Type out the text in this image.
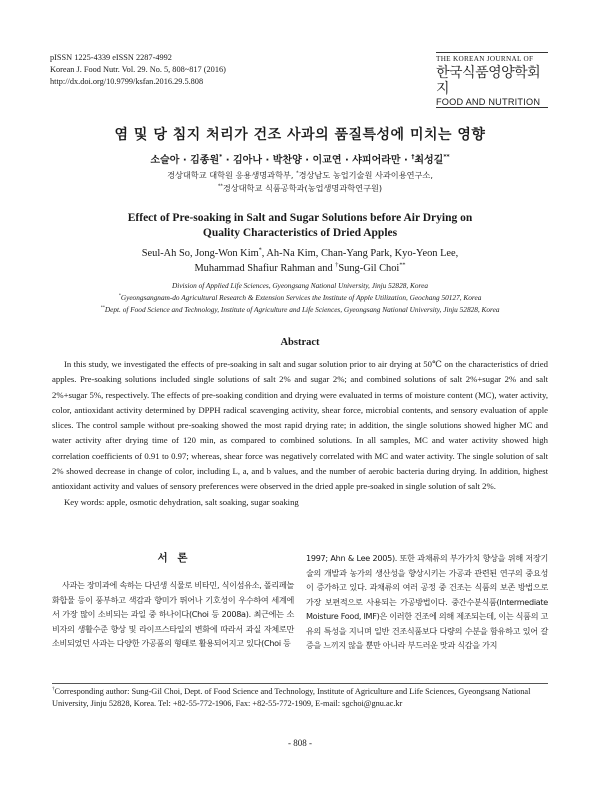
pISSN 1225-4339 eISSN 2287-4992
Korean J. Food Nutr. Vol. 29. No. 5, 808~817 (2016)
http://dx.doi.org/10.9799/ksfan.2016.29.5.808
THE KOREAN JOURNAL OF
한국식품영양학회지
FOOD AND NUTRITION
염 및 당 침지 처리가 건조 사과의 품질특성에 미치는 영향
소슬아 · 김종원* · 김아나 · 박찬양 · 이교연 · 샤피어라만 · †최성길**
경상대학교 대학원 응용생명과학부, *경상남도 농업기술원 사과이용연구소,
**경상대학교 식품공학과(농업생명과학연구원)
Effect of Pre-soaking in Salt and Sugar Solutions before Air Drying on
Quality Characteristics of Dried Apples
Seul-Ah So, Jong-Won Kim*, Ah-Na Kim, Chan-Yang Park, Kyo-Yeon Lee,
Muhammad Shafiur Rahman and †Sung-Gil Choi**
Division of Applied Life Sciences, Gyeongsang National University, Jinju 52828, Korea
*Gyeongsangnam-do Agricultural Research & Extension Services the Institute of Apple Utilization, Geochang 50127, Korea
**Dept. of Food Science and Technology, Institute of Agriculture and Life Sciences, Gyeongsang National University, Jinju 52828, Korea
Abstract

In this study, we investigated the effects of pre-soaking in salt and sugar solution prior to air drying at 50℃ on the characteristics of dried apples. Pre-soaking solutions included single solutions of salt 2% and sugar 2%; and combined solutions of salt 2%+sugar 2% and salt 2%+sugar 5%, respectively. The effects of pre-soaking condition and drying were evaluated in terms of moisture content (MC), water activity, color, antioxidant activity determined by DPPH radical scavenging activity, shear force, microbial contents, and sensory evaluation of apple slices. The control sample without pre-soaking showed the most rapid drying rate; in addition, the single solutions showed higher MC and water activity after drying time of 120 min, as compared to combined solutions. In all samples, MC and water activity showed high correlation coefficients of 0.91 to 0.97; whereas, shear force was negatively correlated with MC and water activity. The single solution of salt 2% showed decrease in change of color, including L, a, and b values, and the number of aerobic bacteria during drying. In addition, highest antioxidant activity and values of sensory preferences were observed in the dried apple pre-soaked in single solution of salt 2%.

Key words: apple, osmotic dehydration, salt soaking, sugar soaking

서 론

사과는 장미과에 속하는 다년생 식물로 비타민, 식이섬유소, 폴리페놀 화합물 등이 풍부하고 색감과 향미가 뛰어나 기호성이 우수하여 세계에서 가장 많이 소비되는 과일 중 하나이다(Choi 등 2008a). 최근에는 소비자의 생활수준 향상 및 라이프스타일의 변화에 따라서 과실 자체로만 소비되었던 사과는 다양한 가공품의 형태로 활용되어지고 있다(Choi 등

1997; Ahn & Lee 2005). 또한 과채류의 부가가치 향상을 위해 저장기술의 개발과 농가의 생산성을 향상시키는 가공과 관련된 연구의 중요성이 증가하고 있다. 과채류의 여러 공정 중 건조는 식품의 보존 방법으로 가장 보편적으로 사용되는 가공방법이다. 중간수분식품(Intermediate Moisture Food, IMF)은 이러한 건조에 의해 제조되는데, 이는 식품의 고유의 특성을 지니며 일반 건조식품보다 다량의 수분을 함유하고 있어 갈증을 느끼지 않을 뿐만 아니라 부드러운 맛과 식감을 가지

†Corresponding author: Sung-Gil Choi, Dept. of Food Science and Technology, Institute of Agriculture and Life Sciences, Gyeongsang National University, Jinju 52828, Korea. Tel: +82-55-772-1906, Fax: +82-55-772-1909, E-mail: sgchoi@gnu.ac.kr
- 808 -
